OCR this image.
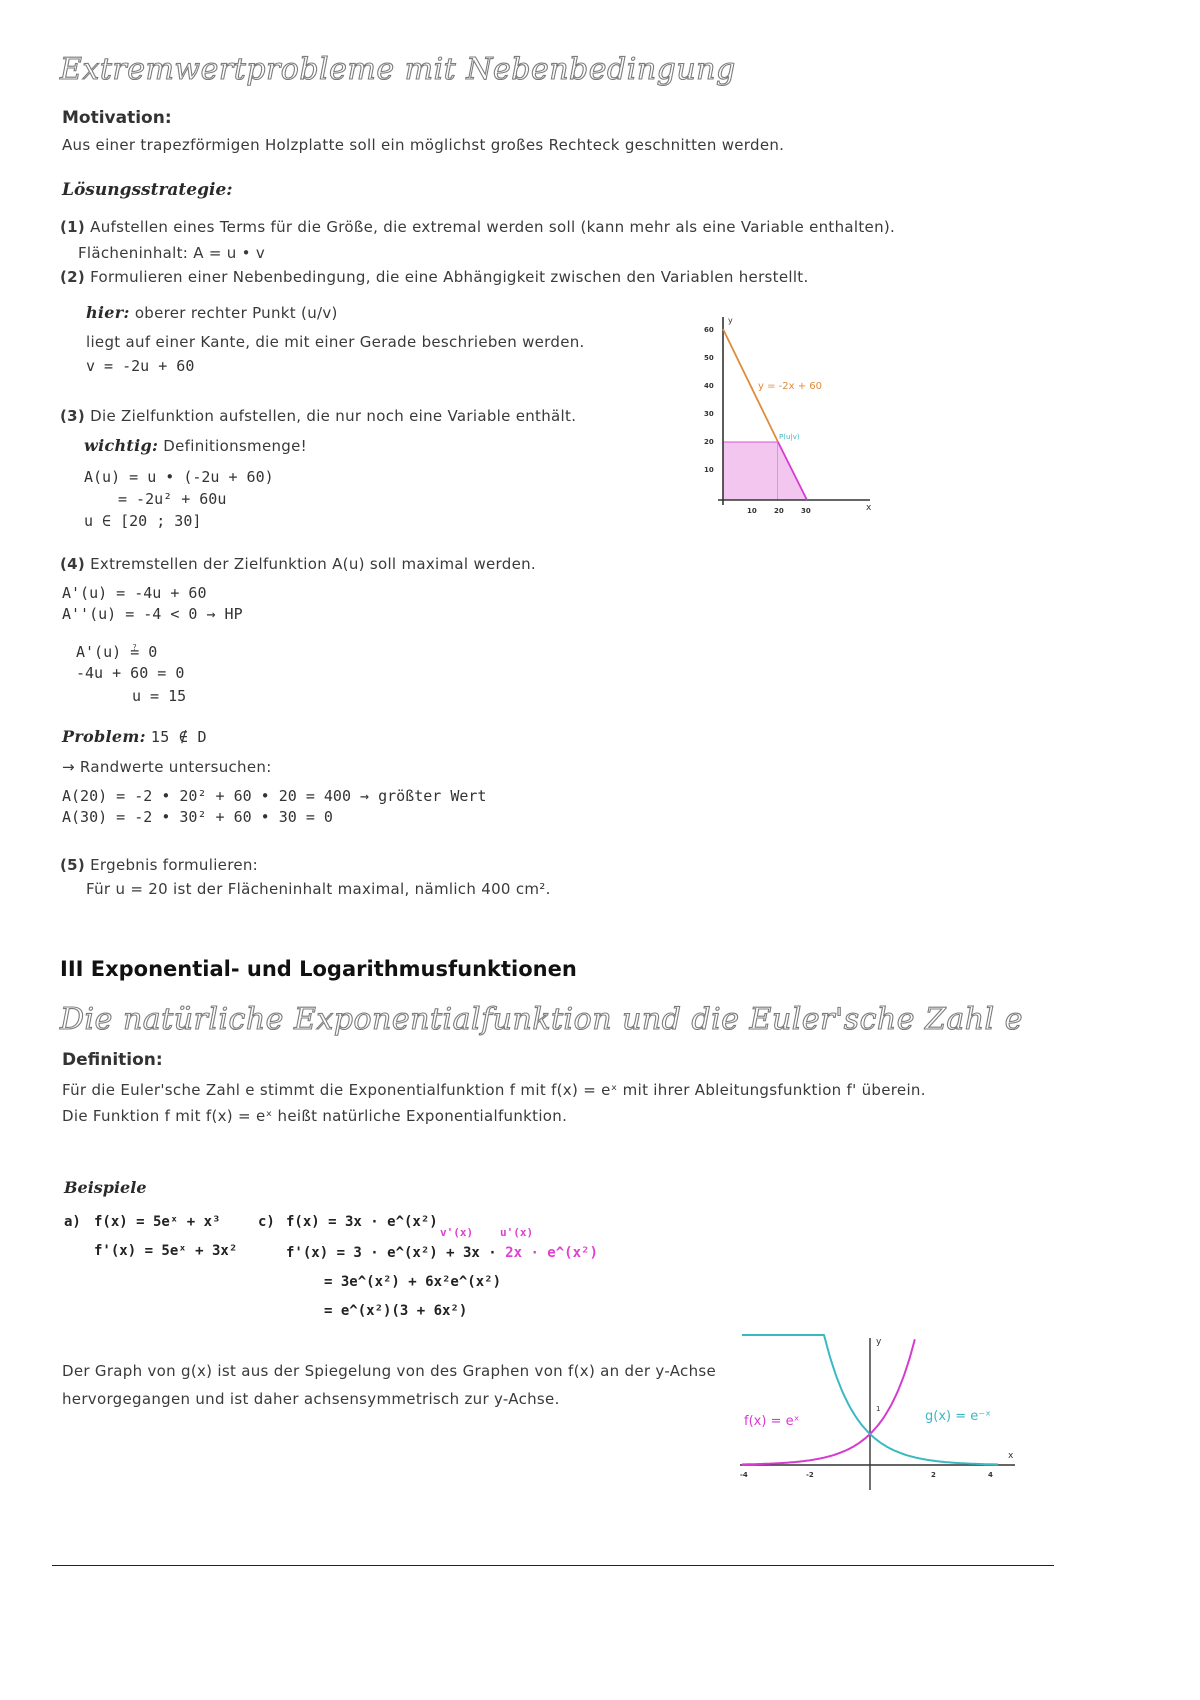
Extremwertprobleme mit Nebenbedingung
Motivation:
Aus einer trapezförmigen Holzplatte soll ein möglichst großes Rechteck geschnitten werden.
Lösungsstrategie:
(1) Aufstellen eines Terms für die Größe, die extremal werden soll (kann mehr als eine Variable enthalten).
Flächeninhalt: A = u • v
(2) Formulieren einer Nebenbedingung, die eine Abhängigkeit zwischen den Variablen herstellt.
hier: oberer rechter Punkt (u/v)
liegt auf einer Kante, die mit einer Gerade beschrieben werden.
v = -2u + 60
(3) Die Zielfunktion aufstellen, die nur noch eine Variable enthält.
wichtig: Definitionsmenge!
A(u) = u • (-2u + 60)
= -2u² + 60u
u ∈ [20 ; 30]
(4) Extremstellen der Zielfunktion A(u) soll maximal werden.
A'(u) = -4u + 60
A''(u) = -4 < 0 → HP
A'(u) ≟ 0
-4u + 60 = 0
u = 15
Problem: 15 ∉ D
→ Randwerte untersuchen:
A(20) = -2 • 20² + 60 • 20 = 400 → größter Wert
A(30) = -2 • 30² + 60 • 30 = 0
(5) Ergebnis formulieren:
Für u = 20 ist der Flächeninhalt maximal, nämlich 400 cm².
y
x
60
50
40
30
20
10
10 20 30
y = -2x + 60
P(u|v)
III Exponential- und Logarithmusfunktionen
Die natürliche Exponentialfunktion und die Euler'sche Zahl e
Definition:
Für die Euler'sche Zahl e stimmt die Exponentialfunktion f mit f(x) = eˣ mit ihrer Ableitungsfunktion f' überein.
Die Funktion f mit f(x) = eˣ heißt natürliche Exponentialfunktion.
Beispiele
a) f(x) = 5eˣ + x³
f'(x) = 5eˣ + 3x²
c) f(x) = 3x · e^(x²)
f'(x) = 3 · e^(x²) + 3x · 2x · e^(x²)
v'(x) u'(x)
= 3e^(x²) + 6x²e^(x²)
= e^(x²)(3 + 6x²)
Der Graph von g(x) ist aus der Spiegelung von des Graphen von f(x) an der y-Achse
hervorgegangen und ist daher achsensymmetrisch zur y-Achse.
y
x
1
-4	-2	2	4
f(x) = eˣ	g(x) = e⁻ˣ
